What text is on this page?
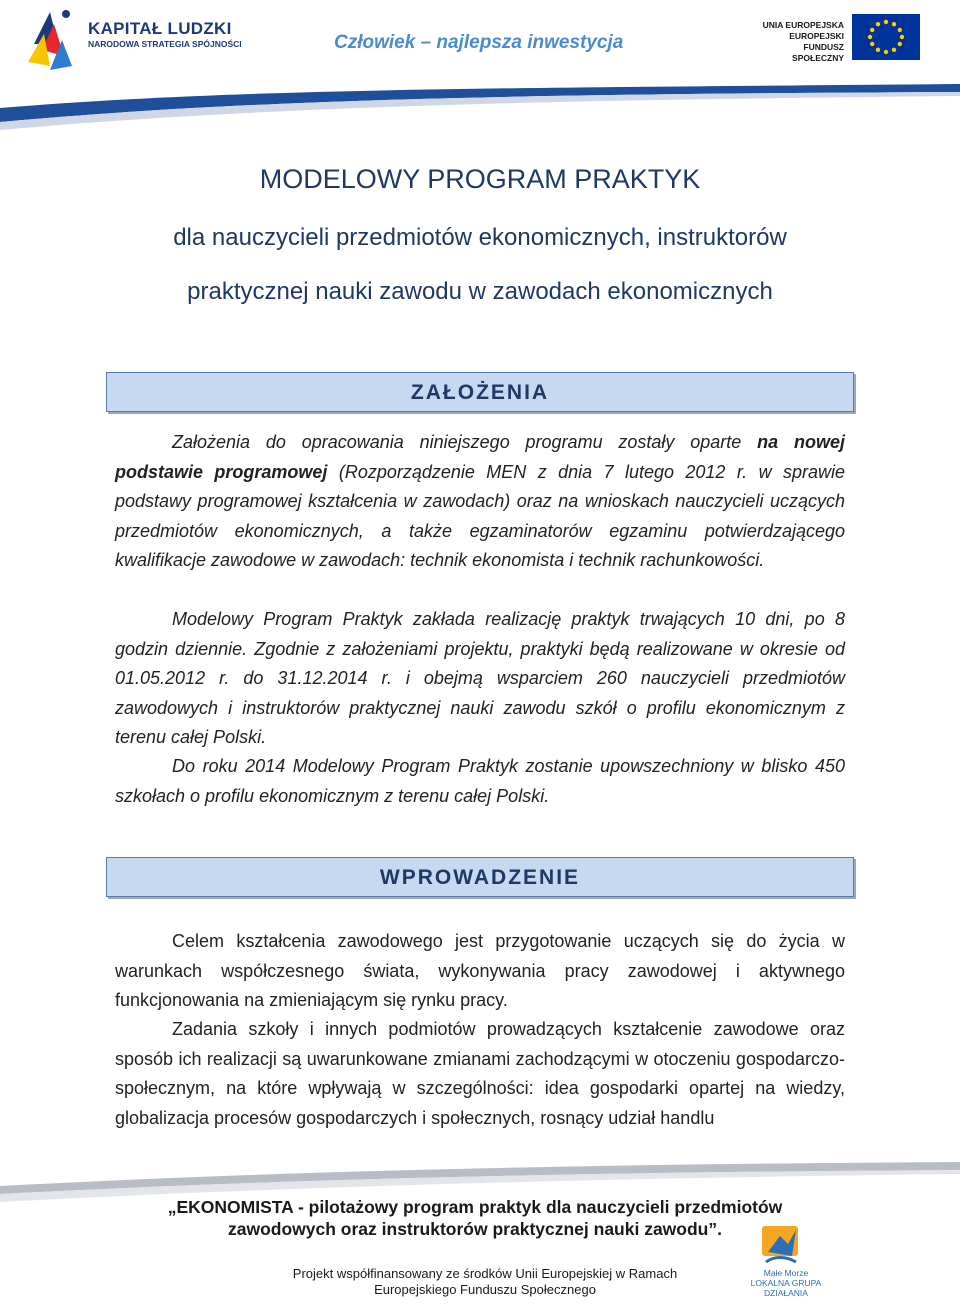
KAPITAŁ LUDZKI
NARODOWA STRATEGIA SPÓJNOŚCI	Człowiek – najlepsza inwestycja
UNIA EUROPEJSKA
EUROPEJSKI
FUNDUSZ SPOŁECZNY
MODELOWY PROGRAM PRAKTYK
dla nauczycieli przedmiotów ekonomicznych, instruktorów
praktycznej nauki zawodu w zawodach ekonomicznych
ZAŁOŻENIA

Założenia do opracowania niniejszego programu zostały oparte na nowej podstawie programowej (Rozporządzenie MEN z dnia 7 lutego 2012 r. w sprawie podstawy programowej kształcenia w zawodach) oraz na wnioskach nauczycieli uczących przedmiotów ekonomicznych, a także egzaminatorów egzaminu potwierdzającego kwalifikacje zawodowe w zawodach: technik ekonomista i technik rachunkowości.

Modelowy Program Praktyk zakłada realizację praktyk trwających 10 dni, po 8 godzin dziennie. Zgodnie z założeniami projektu, praktyki będą realizowane w okresie od 01.05.2012 r. do 31.12.2014 r. i obejmą wsparciem 260 nauczycieli przedmiotów zawodowych i instruktorów praktycznej nauki zawodu szkół o profilu ekonomicznym z terenu całej Polski.

Do roku 2014 Modelowy Program Praktyk zostanie upowszechniony w blisko 450 szkołach o profilu ekonomicznym z terenu całej Polski.

WPROWADZENIE

Celem kształcenia zawodowego jest przygotowanie uczących się do życia w warunkach współczesnego świata, wykonywania pracy zawodowej i aktywnego funkcjonowania na zmieniającym się rynku pracy.

Zadania szkoły i innych podmiotów prowadzących kształcenie zawodowe oraz sposób ich realizacji są uwarunkowane zmianami zachodzącymi w otoczeniu gospodarczo-społecznym, na które wpływają w szczególności: idea gospodarki opartej na wiedzy, globalizacja procesów gospodarczych i społecznych, rosnący udział handlu

„EKONOMISTA - pilotażowy program praktyk dla nauczycieli przedmiotów
zawodowych oraz instruktorów praktycznej nauki zawodu”.
Projekt współfinansowany ze środków Unii Europejskiej w Ramach
Europejskiego Funduszu Społecznego
Małe Morze
LOKALNA GRUPA
DZIAŁANIA
